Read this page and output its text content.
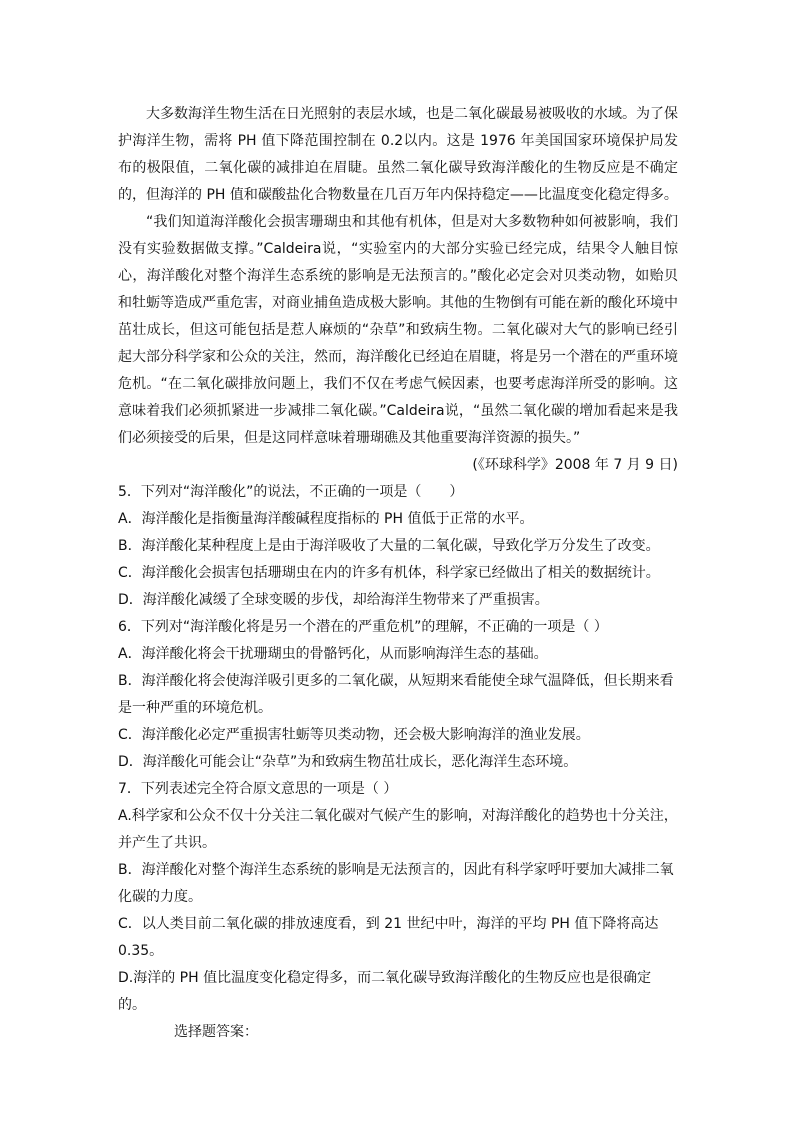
大多数海洋生物生活在日光照射的表层水域，也是二氧化碳最易被吸收的水域。为了保护海洋生物，需将 PH 值下降范围控制在 0.2以内。这是 1976 年美国国家环境保护局发布的极限值，二氧化碳的减排迫在眉睫。虽然二氧化碳导致海洋酸化的生物反应是不确定的，但海洋的 PH 值和碳酸盐化合物数量在几百万年内保持稳定——比温度变化稳定得多。

“我们知道海洋酸化会损害珊瑚虫和其他有机体，但是对大多数物种如何被影响，我们没有实验数据做支撑。”Caldeira说，“实验室内的大部分实验已经完成，结果令人触目惊心，海洋酸化对整个海洋生态系统的影响是无法预言的。”酸化必定会对贝类动物，如贻贝和牡蛎等造成严重危害，对商业捕鱼造成极大影响。其他的生物倒有可能在新的酸化环境中茁壮成长，但这可能包括是惹人麻烦的“杂草”和致病生物。二氧化碳对大气的影响已经引起大部分科学家和公众的关注，然而，海洋酸化已经迫在眉睫，将是另一个潜在的严重环境危机。“在二氧化碳排放问题上，我们不仅在考虑气候因素，也要考虑海洋所受的影响。这意味着我们必须抓紧进一步减排二氧化碳。”Caldeira说，“虽然二氧化碳的增加看起来是我们必须接受的后果，但是这同样意味着珊瑚礁及其他重要海洋资源的损失。”

(《环球科学》2008 年 7 月 9 日)

5．下列对“海洋酸化”的说法，不正确的一项是（　　）

A．海洋酸化是指衡量海洋酸碱程度指标的 PH 值低于正常的水平。

B．海洋酸化某种程度上是由于海洋吸收了大量的二氧化碳，导致化学万分发生了改变。

C．海洋酸化会损害包括珊瑚虫在内的许多有机体，科学家已经做出了相关的数据统计。

D．海洋酸化减缓了全球变暖的步伐，却给海洋生物带来了严重损害。

6．下列对“海洋酸化将是另一个潜在的严重危机”的理解，不正确的一项是（ ）

A．海洋酸化将会干扰珊瑚虫的骨骼钙化，从而影响海洋生态的基础。

B．海洋酸化将会使海洋吸引更多的二氧化碳，从短期来看能使全球气温降低，但长期来看是一种严重的环境危机。

C．海洋酸化必定严重损害牡蛎等贝类动物，还会极大影响海洋的渔业发展。

D．海洋酸化可能会让“杂草”为和致病生物茁壮成长，恶化海洋生态环境。

7．下列表述完全符合原文意思的一项是（ ）

A.科学家和公众不仅十分关注二氧化碳对气候产生的影响，对海洋酸化的趋势也十分关注，并产生了共识。

B．海洋酸化对整个海洋生态系统的影响是无法预言的，因此有科学家呼吁要加大减排二氧化碳的力度。

C．以人类目前二氧化碳的排放速度看，到 21 世纪中叶，海洋的平均 PH 值下降将高达 0.35。

D.海洋的 PH 值比温度变化稳定得多，而二氧化碳导致海洋酸化的生物反应也是很确定的。

选择题答案：
